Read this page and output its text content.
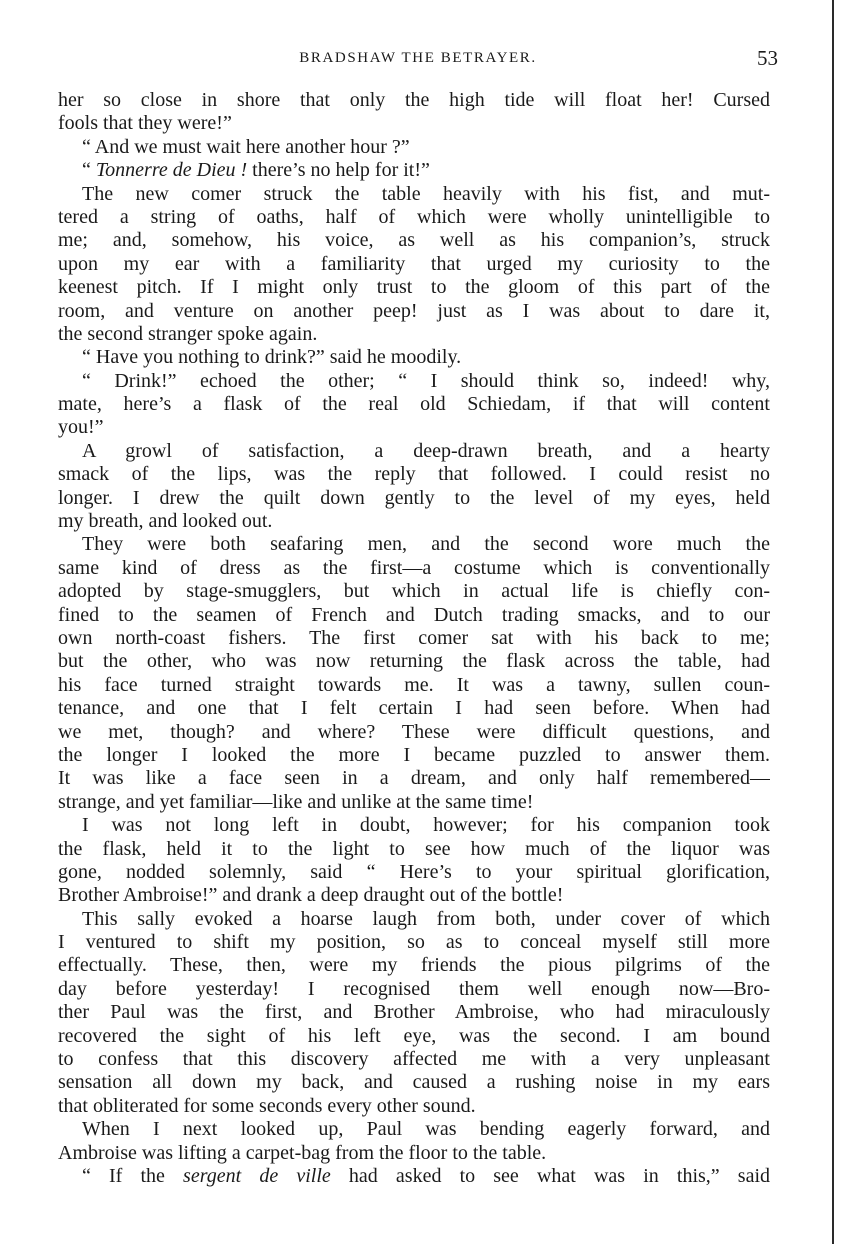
BRADSHAW THE BETRAYER.	53
her so close in shore that only the high tide will float her! Cursed
fools that they were!”
“ And we must wait here another hour ?”
“ Tonnerre de Dieu ! there’s no help for it!”
The new comer struck the table heavily with his fist, and mut-
tered a string of oaths, half of which were wholly unintelligible to
me; and, somehow, his voice, as well as his companion’s, struck
upon my ear with a familiarity that urged my curiosity to the
keenest pitch. If I might only trust to the gloom of this part of the
room, and venture on another peep! just as I was about to dare it,
the second stranger spoke again.
“ Have you nothing to drink?” said he moodily.
“ Drink!” echoed the other; “ I should think so, indeed! why,
mate, here’s a flask of the real old Schiedam, if that will content
you!”
A growl of satisfaction, a deep-drawn breath, and a hearty
smack of the lips, was the reply that followed. I could resist no
longer. I drew the quilt down gently to the level of my eyes, held
my breath, and looked out.
They were both seafaring men, and the second wore much the
same kind of dress as the first—a costume which is conventionally
adopted by stage-smugglers, but which in actual life is chiefly con-
fined to the seamen of French and Dutch trading smacks, and to our
own north-coast fishers. The first comer sat with his back to me;
but the other, who was now returning the flask across the table, had
his face turned straight towards me. It was a tawny, sullen coun-
tenance, and one that I felt certain I had seen before. When had
we met, though? and where? These were difficult questions, and
the longer I looked the more I became puzzled to answer them.
It was like a face seen in a dream, and only half remembered—
strange, and yet familiar—like and unlike at the same time!
I was not long left in doubt, however; for his companion took
the flask, held it to the light to see how much of the liquor was
gone, nodded solemnly, said “ Here’s to your spiritual glorification,
Brother Ambroise!” and drank a deep draught out of the bottle!
This sally evoked a hoarse laugh from both, under cover of which
I ventured to shift my position, so as to conceal myself still more
effectually. These, then, were my friends the pious pilgrims of the
day before yesterday! I recognised them well enough now—Bro-
ther Paul was the first, and Brother Ambroise, who had miraculously
recovered the sight of his left eye, was the second. I am bound
to confess that this discovery affected me with a very unpleasant
sensation all down my back, and caused a rushing noise in my ears
that obliterated for some seconds every other sound.
When I next looked up, Paul was bending eagerly forward, and
Ambroise was lifting a carpet-bag from the floor to the table.
“ If the sergent de ville had asked to see what was in this,” said
